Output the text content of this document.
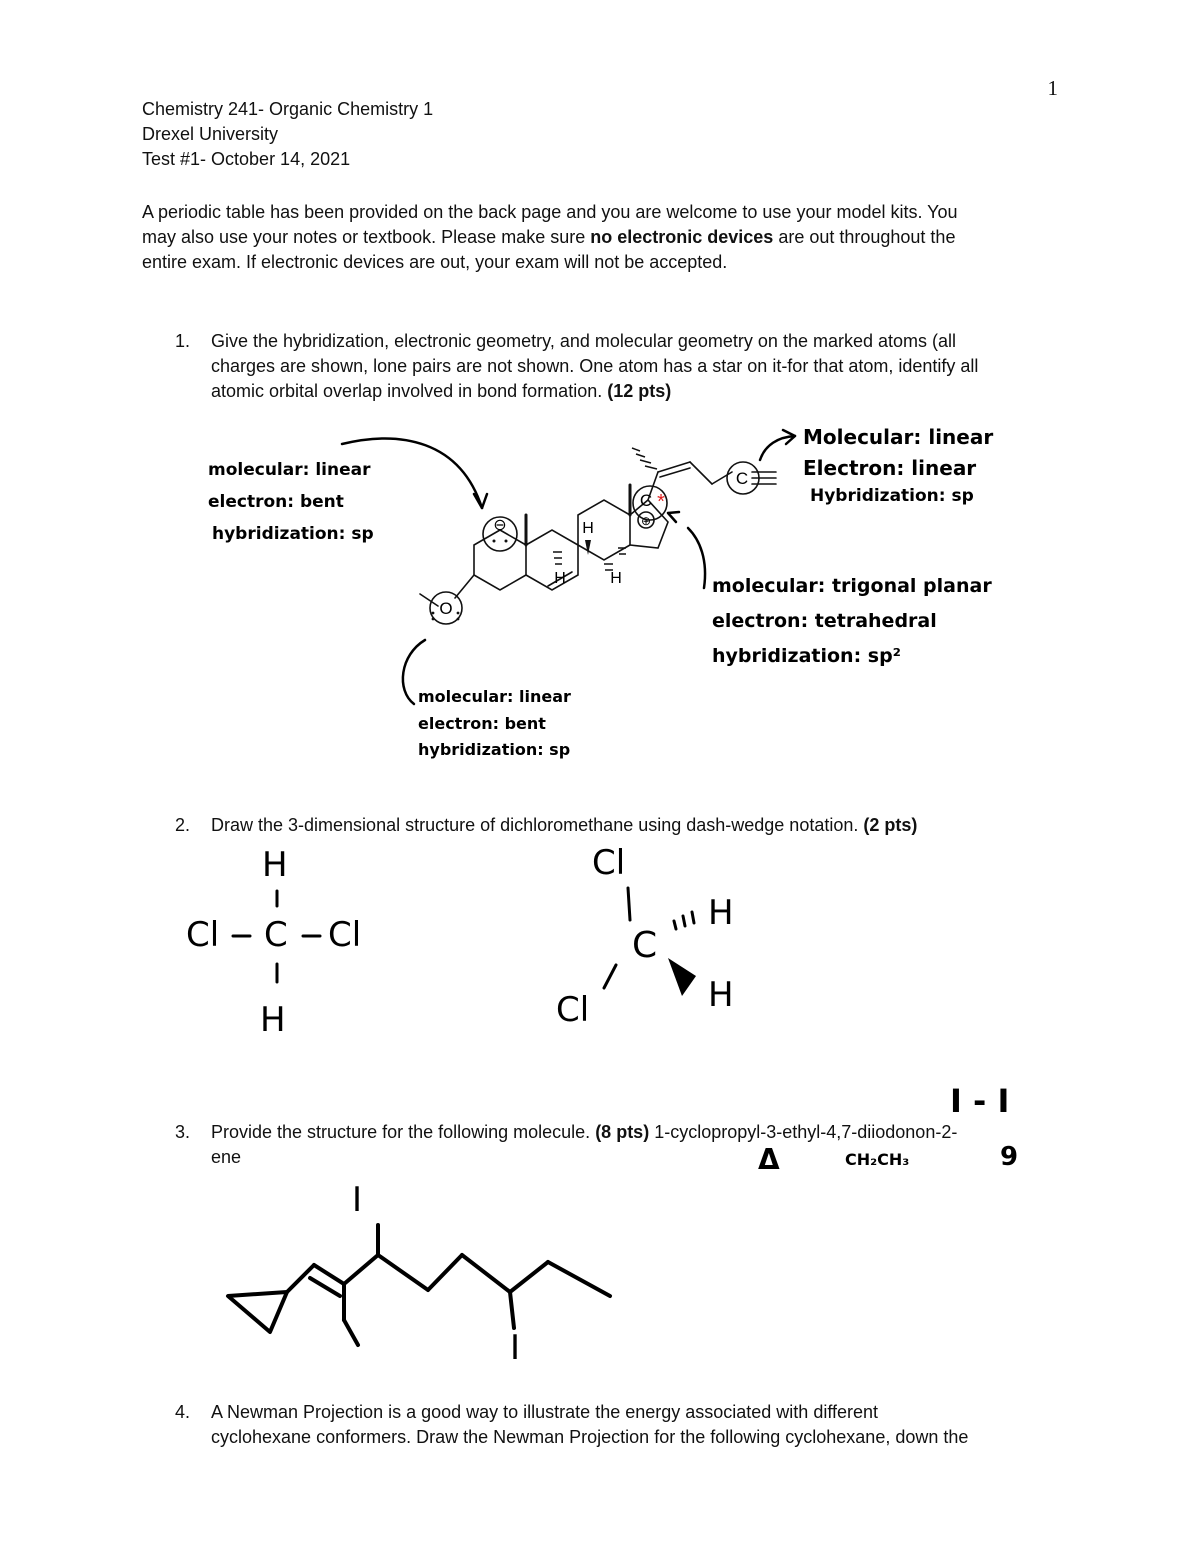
1
Chemistry 241- Organic Chemistry 1
Drexel University
Test #1- October 14, 2021
A periodic table has been provided on the back page and you are welcome to use your model kits. You
may also use your notes or textbook. Please make sure no electronic devices are out throughout the
entire exam. If electronic devices are out, your exam will not be accepted.
1. Give the hybridization, electronic geometry, and molecular geometry on the marked atoms (all
charges are shown, lone pairs are not shown. One atom has a star on it-for that atom, identify all
atomic orbital overlap involved in bond formation. (12 pts)
⊖
O
C
⊕
C
*
H
H	H
molecular: linear
electron: bent
hybridization: sp
Molecular: linear
Electron: linear
Hybridization: sp
molecular: trigonal planar
electron: tetrahedral
hybridization: sp²
molecular: linear
electron: bent
hybridization: sp
2. Draw the 3-dimensional structure of dichloromethane using dash-wedge notation. (2 pts)
H
Cl C Cl
H
Cl
C
H
H
Cl
I - I
3. Provide the structure for the following molecule. (8 pts) 1-cyclopropyl-3-ethyl-4,7-diiodonon-2-
ene	Δ	CH₂CH₃	9
I
I
4. A Newman Projection is a good way to illustrate the energy associated with different
cyclohexane conformers. Draw the Newman Projection for the following cyclohexane, down the
